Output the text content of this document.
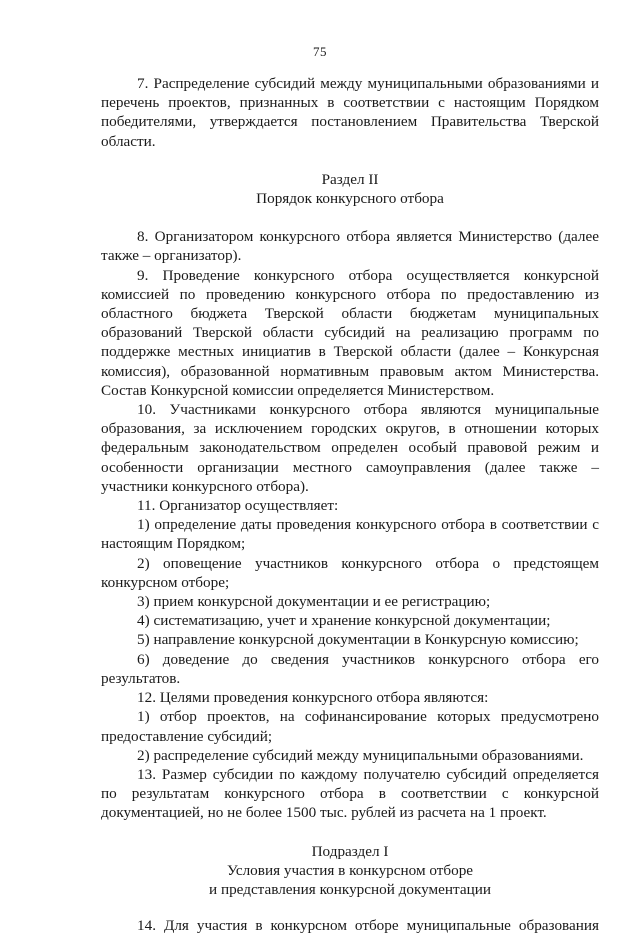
75

7. Распределение субсидий между муниципальными образованиями и перечень проектов, признанных в соответствии с настоящим Порядком победителями, утверждается постановлением Правительства Тверской области.

Раздел II
Порядок конкурсного отбора

8. Организатором конкурсного отбора является Министерство (далее также – организатор).

9. Проведение конкурсного отбора осуществляется конкурсной комиссией по проведению конкурсного отбора по предоставлению из областного бюджета Тверской области бюджетам муниципальных образований Тверской области субсидий на реализацию программ по поддержке местных инициатив в Тверской области (далее – Конкурсная комиссия), образованной нормативным правовым актом Министерства. Состав Конкурсной комиссии определяется Министерством.

10. Участниками конкурсного отбора являются муниципальные образования, за исключением городских округов, в отношении которых федеральным законодательством определен особый правовой режим и особенности организации местного самоуправления (далее также – участники конкурсного отбора).

11. Организатор осуществляет:

1) определение даты проведения конкурсного отбора в соответствии с настоящим Порядком;

2) оповещение участников конкурсного отбора о предстоящем конкурсном отборе;

3) прием конкурсной документации и ее регистрацию;

4) систематизацию, учет и хранение конкурсной документации;

5) направление конкурсной документации в Конкурсную комиссию;

6) доведение до сведения участников конкурсного отбора его результатов.

12. Целями проведения конкурсного отбора являются:

1) отбор проектов, на софинансирование которых предусмотрено предоставление субсидий;

2) распределение субсидий между муниципальными образованиями.

13. Размер субсидии по каждому получателю субсидий определяется по результатам конкурсного отбора в соответствии с конкурсной документацией, но не более 1500 тыс. рублей из расчета на 1 проект.

Подраздел I
Условия участия в конкурсном отборе
и представления конкурсной документации

14. Для участия в конкурсном отборе муниципальные образования
